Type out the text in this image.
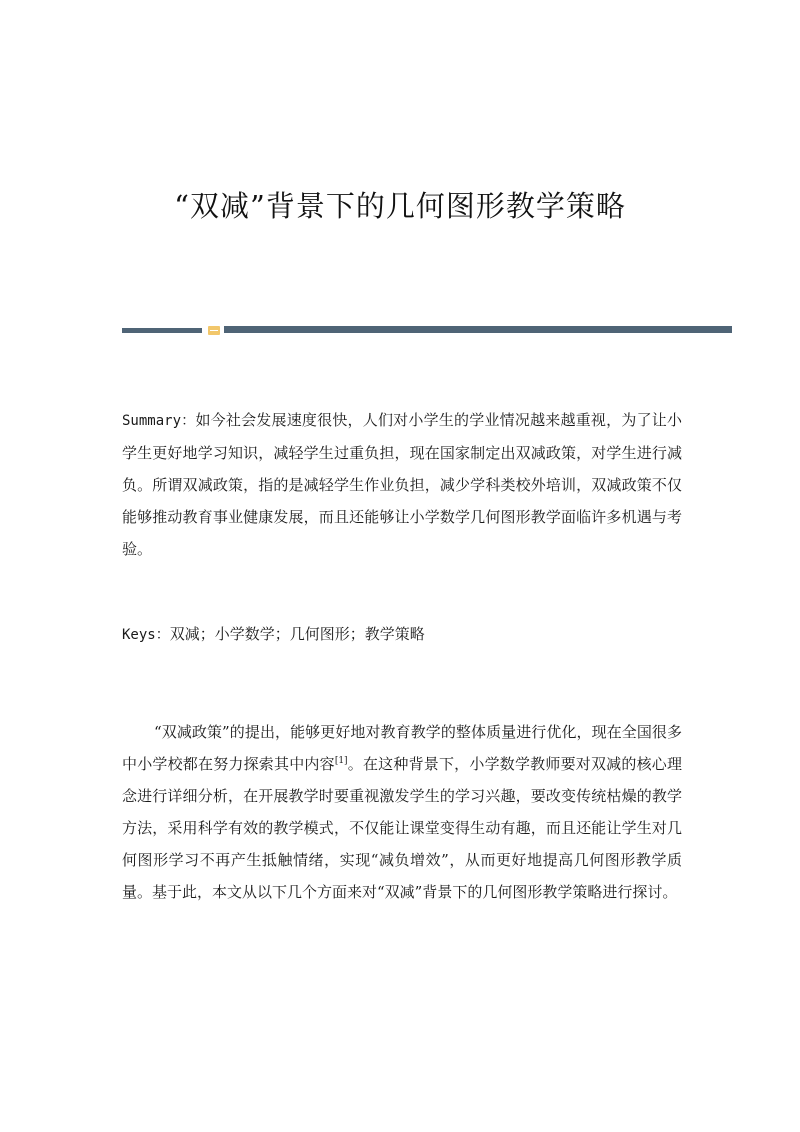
“双减”背景下的几何图形教学策略
Summary：如今社会发展速度很快，人们对小学生的学业情况越来越重视，为了让小学生更好地学习知识，减轻学生过重负担，现在国家制定出双减政策，对学生进行减负。所谓双减政策，指的是减轻学生作业负担，减少学科类校外培训，双减政策不仅能够推动教育事业健康发展，而且还能够让小学数学几何图形教学面临许多机遇与考验。
Keys：双减；小学数学；几何图形；教学策略
“双减政策”的提出，能够更好地对教育教学的整体质量进行优化，现在全国很多中小学校都在努力探索其中内容[1]。在这种背景下，小学数学教师要对双减的核心理念进行详细分析，在开展教学时要重视激发学生的学习兴趣，要改变传统枯燥的教学方法，采用科学有效的教学模式，不仅能让课堂变得生动有趣，而且还能让学生对几何图形学习不再产生抵触情绪，实现“减负增效”，从而更好地提高几何图形教学质量。基于此，本文从以下几个方面来对“双减”背景下的几何图形教学策略进行探讨。
